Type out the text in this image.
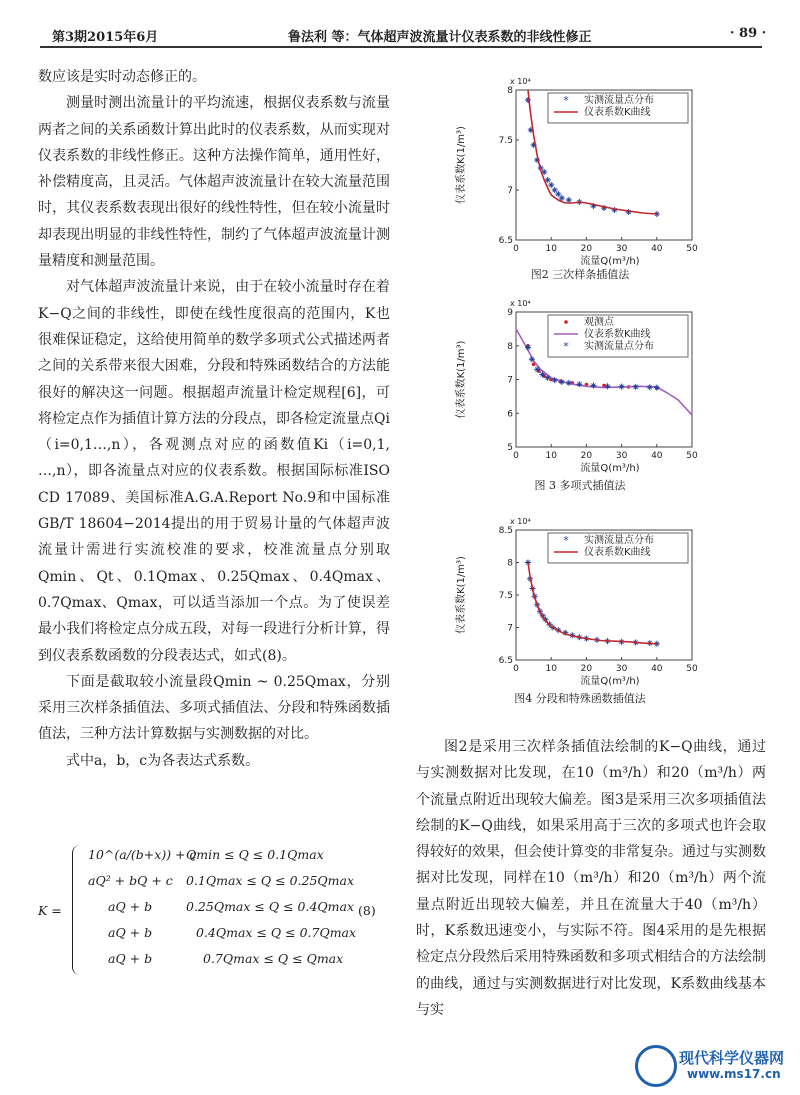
第3期2015年6月	鲁法利 等：气体超声波流量计仪表系数的非线性修正	· 89 ·

数应该是实时动态修正的。

测量时测出流量计的平均流速，根据仪表系数与流量两者之间的关系函数计算出此时的仪表系数，从而实现对仪表系数的非线性修正。这种方法操作简单，通用性好，补偿精度高，且灵活。气体超声波流量计在较大流量范围时，其仪表系数表现出很好的线性特性，但在较小流量时却表现出明显的非线性特性，制约了气体超声波流量计测量精度和测量范围。

对气体超声波流量计来说，由于在较小流量时存在着K−Q之间的非线性，即使在线性度很高的范围内，K也很难保证稳定，这给使用简单的数学多项式公式描述两者之间的关系带来很大困难，分段和特殊函数结合的方法能很好的解决这一问题。根据超声流量计检定规程[6]，可将检定点作为插值计算方法的分段点，即各检定流量点Qi（i=0,1…,n），各观测点对应的函数值Ki（i=0,1, …,n），即各流量点对应的仪表系数。根据国际标准ISO CD 17089、美国标准A.G.A.Report No.9和中国标准GB/T 18604−2014提出的用于贸易计量的气体超声波流量计需进行实流校准的要求，校准流量点分别取Qmin、Qt、0.1Qmax、0.25Qmax、0.4Qmax、0.7Qmax、Qmax，可以适当添加一个点。为了使误差最小我们将检定点分成五段，对每一段进行分析计算，得到仪表系数函数的分段表达式，如式(8)。

下面是截取较小流量段Qmin ~ 0.25Qmax，分别采用三次样条插值法、多项式插值法、分段和特殊函数插值法，三种方法计算数据与实测数据的对比。

式中a，b，c为各表达式系数。

K =
10^(a/(b+x)) + c
Qmin ≤ Q ≤ 0.1Qmax
aQ² + bQ + c 0.1Qmax ≤ Q ≤ 0.25Qmax
aQ + b	0.25Qmax ≤ Q ≤ 0.4Qmax
aQ + b	0.4Qmax ≤ Q ≤ 0.7Qmax
aQ + b	0.7Qmax ≤ Q ≤ Qmax
(8)
0	10	20	30	40	50
6.5
7
7.5
8
x 10⁴
流量Q(m³/h)
仪表系数K(1/m³)
* 实测流量点分布
仪表系数K曲线
图2 三次样条插值法
0	10	20	30	40	50
5
6
7
8
9
x 10⁴
流量Q(m³/h)
仪表系数K(1/m³)
观测点
仪表系数K曲线
* 实测流量点分布
图 3 多项式插值法
0	10	20	30	40	50
6.5
7
7.5
8
8.5
x 10⁴
流量Q(m³/h)
仪表系数K(1/m³)
* 实测流量点分布
仪表系数K曲线
图4 分段和特殊函数插值法

图2是采用三次样条插值法绘制的K−Q曲线，通过与实测数据对比发现，在10（m³/h）和20（m³/h）两个流量点附近出现较大偏差。图3是采用三次多项插值法绘制的K−Q曲线，如果采用高于三次的多项式也许会取得较好的效果，但会使计算变的非常复杂。通过与实测数据对比发现，同样在10（m³/h）和20（m³/h）两个流量点附近出现较大偏差，并且在流量大于40（m³/h）时，K系数迅速变小，与实际不符。图4采用的是先根据检定点分段然后采用特殊函数和多项式相结合的方法绘制的曲线，通过与实测数据进行对比发现，K系数曲线基本与实

现代科学仪器网
www.ms17.cn
